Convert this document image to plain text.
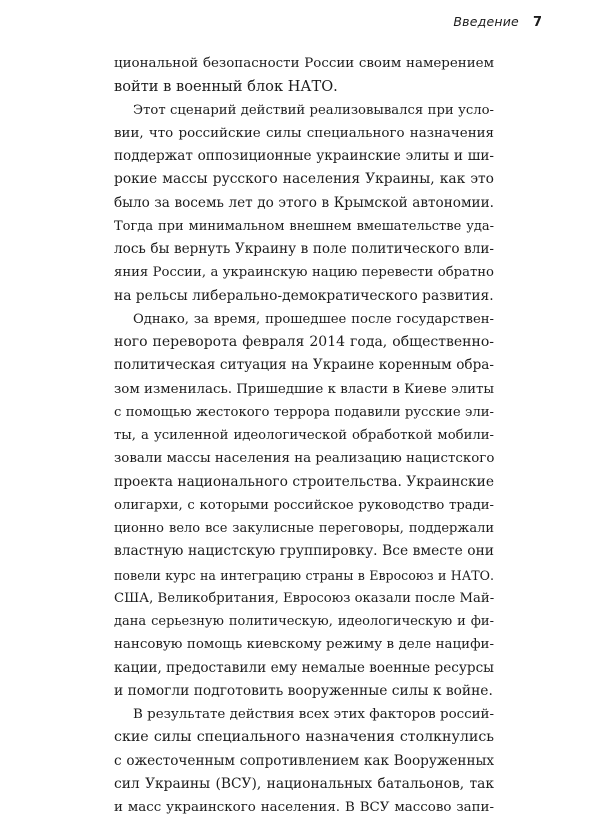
Введение 7
циональной безопасности России своим намерением
войти в военный блок НАТО.
Этот сценарий действий реализовывался при усло-
вии, что российские силы специального назначения
поддержат оппозиционные украинские элиты и ши-
рокие массы русского населения Украины, как это
было за восемь лет до этого в Крымской автономии.
Тогда при минимальном внешнем вмешательстве уда-
лось бы вернуть Украину в поле политического вли-
яния России, а украинскую нацию перевести обратно
на рельсы либерально-демократического развития.
Однако, за время, прошедшее после государствен-
ного переворота февраля 2014 года, общественно-
политическая ситуация на Украине коренным обра-
зом изменилась. Пришедшие к власти в Киеве элиты
с помощью жестокого террора подавили русские эли-
ты, а усиленной идеологической обработкой мобили-
зовали массы населения на реализацию нацистского
проекта национального строительства. Украинские
олигархи, с которыми российское руководство тради-
ционно вело все закулисные переговоры, поддержали
властную нацистскую группировку. Все вместе они
повели курс на интеграцию страны в Евросоюз и НАТО.
США, Великобритания, Евросоюз оказали после Май-
дана серьезную политическую, идеологическую и фи-
нансовую помощь киевскому режиму в деле нацифи-
кации, предоставили ему немалые военные ресурсы
и помогли подготовить вооруженные силы к войне.
В результате действия всех этих факторов россий-
ские силы специального назначения столкнулись
с ожесточенным сопротивлением как Вооруженных
сил Украины (ВСУ), национальных батальонов, так
и масс украинского населения. В ВСУ массово запи-
